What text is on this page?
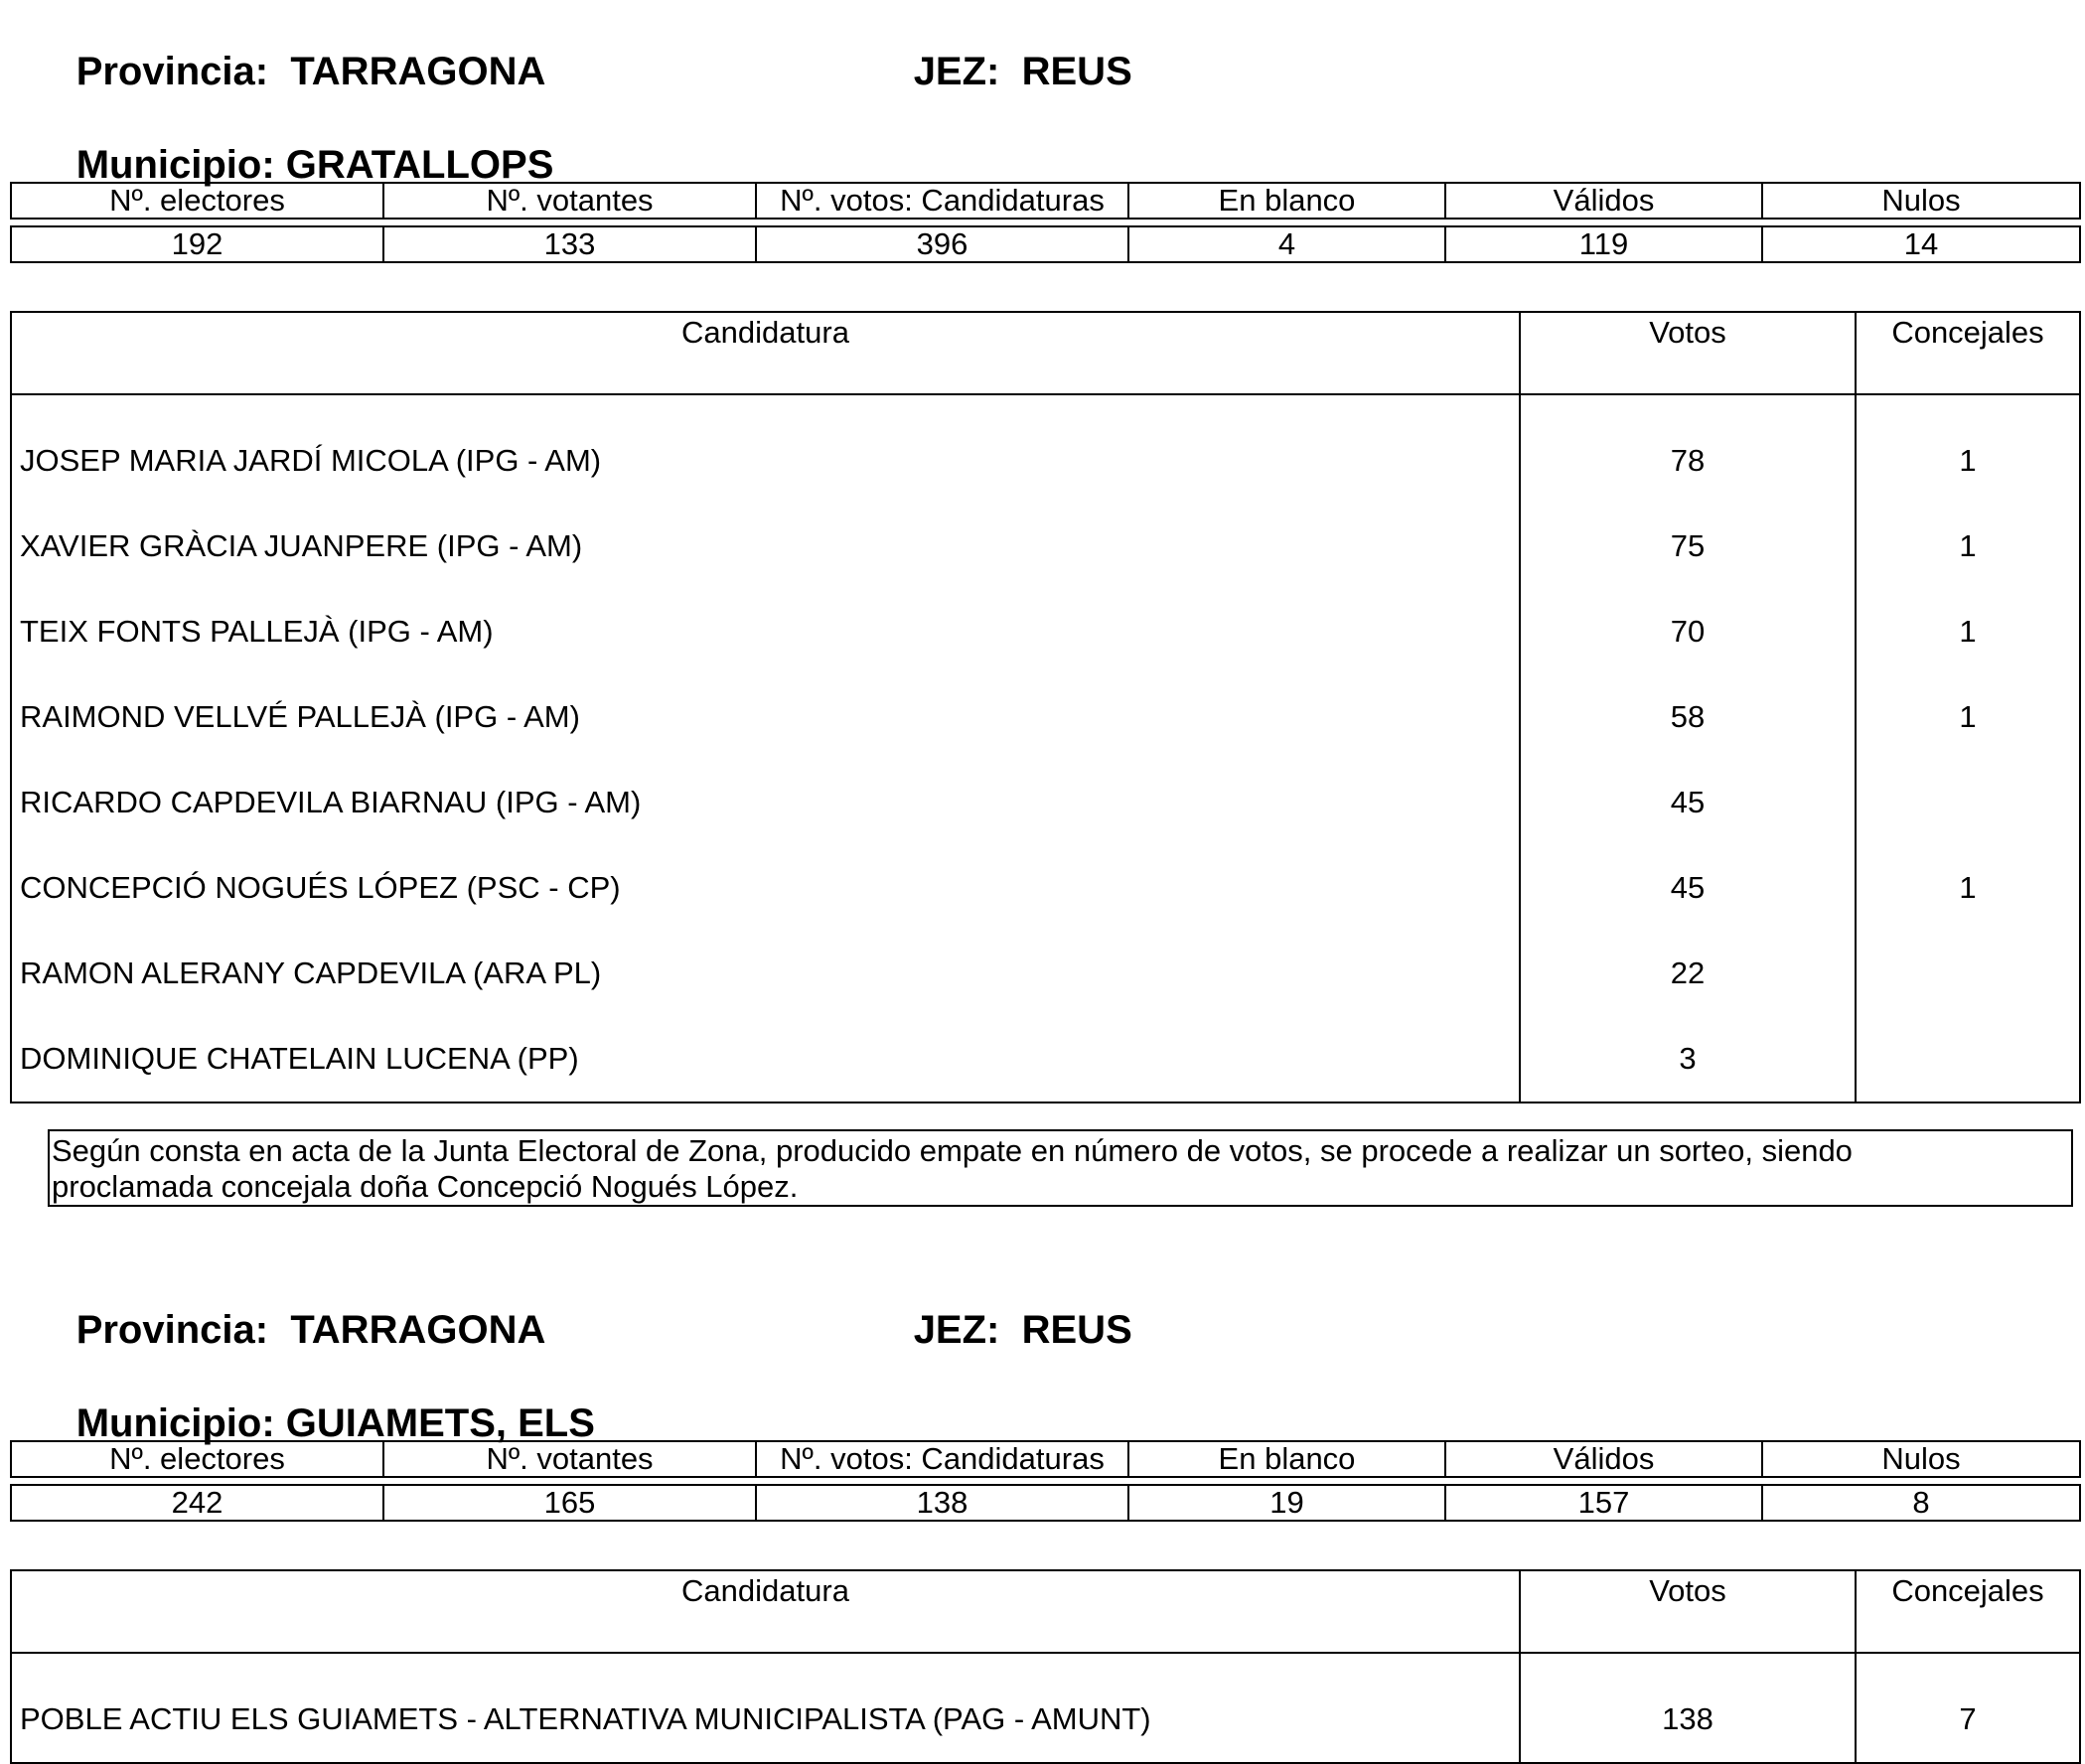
Provincia: TARRAGONA
	JEZ: REUS

Municipio: GRATALLOPS

Nº. electores	Nº. votantes	Nº. votos: Candidaturas	En blanco	Válidos	Nulos

192	133	396	4	119	14
Candidatura	Votos	Concejales
JOSEP MARIA JARDÍ MICOLA (IPG - AM)	78	1
XAVIER GRÀCIA JUANPERE (IPG - AM)	75	1
TEIX FONTS PALLEJÀ (IPG - AM)	70	1
RAIMOND VELLVÉ PALLEJÀ (IPG - AM)	58	1
RICARDO CAPDEVILA BIARNAU (IPG - AM)	45	
CONCEPCIÓ NOGUÉS LÓPEZ (PSC - CP)	45	1
RAMON ALERANY CAPDEVILA (ARA PL)	22	
DOMINIQUE CHATELAIN LUCENA (PP)	3	
Según consta en acta de la Junta Electoral de Zona, producido empate en número de votos, se procede a realizar un sorteo, siendo
proclamada concejala doña Concepció Nogués López.

Provincia: TARRAGONA
	JEZ: REUS

Municipio: GUIAMETS, ELS

Nº. electores	Nº. votantes	Nº. votos: Candidaturas	En blanco	Válidos	Nulos

242	165	138	19	157	8
Candidatura	Votos	Concejales
POBLE ACTIU ELS GUIAMETS - ALTERNATIVA MUNICIPALISTA (PAG - AMUNT)	138	7
